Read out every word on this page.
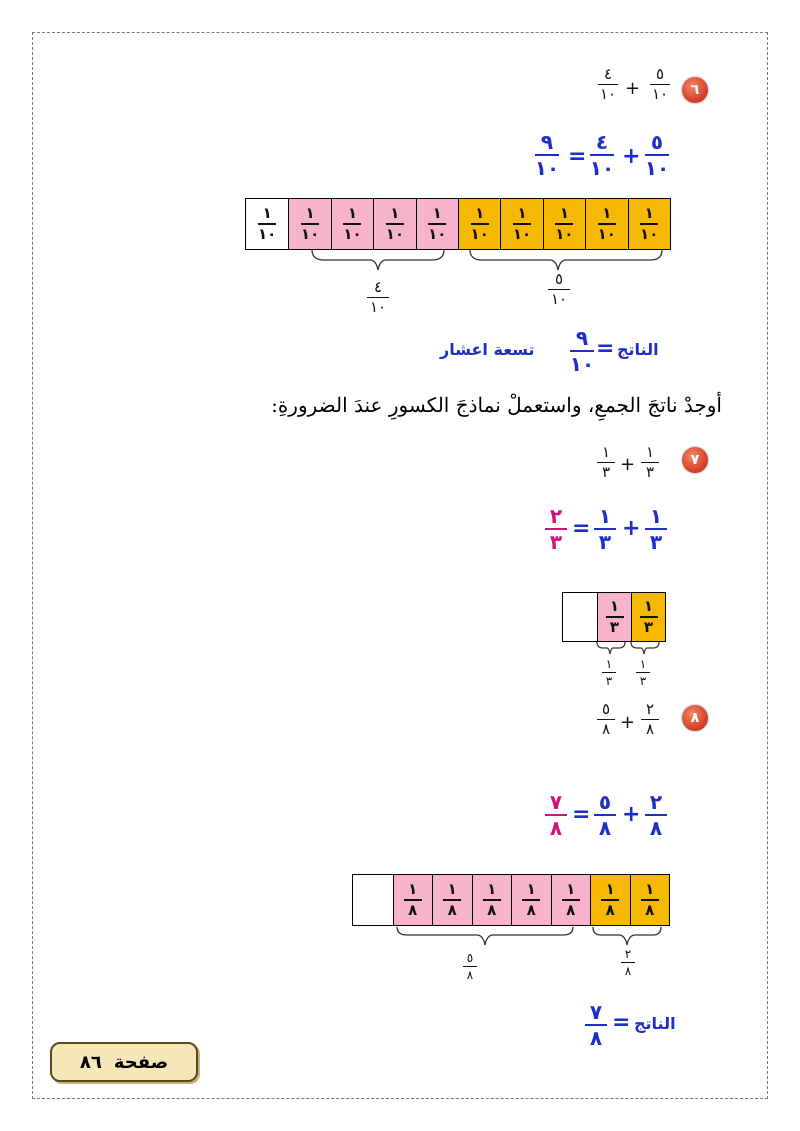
٦
٥
١٠
+
٤
١٠
٥
١٠
+
٤
١٠
=
٩
١٠
$\frac{١}{١٠} \frac{١}{١٠} \frac{١}{١٠} \frac{١}{١٠} \frac{١}{١٠} \frac{١}{١٠} \frac{١}{١٠} \frac{١}{١٠} \frac{١}{١٠} \frac{١}{١٠}$
٤
١٠
٥
١٠
الناتج
=
٩
١٠
تسعة اعشار
أوجدْ ناتجَ الجمعِ، واستعملْ نماذجَ الكسورِ عندَ الضرورةِ:
٧
١
٣
+
١
٣
١
٣
+
١
٣
=
٢
٣
$\frac{١}{٣} \frac{١}{٣}$
١
٣
١
٣
٨
٢
٨
+
٥
٨
٢
٨
+
٥
٨
=
٧
٨
$\frac{١}{٨} \frac{١}{٨} \frac{١}{٨} \frac{١}{٨} \frac{١}{٨} \frac{١}{٨} \frac{١}{٨}$
٥
٨
٢
٨
الناتج
=
٧
٨
صفحة
٨٦
